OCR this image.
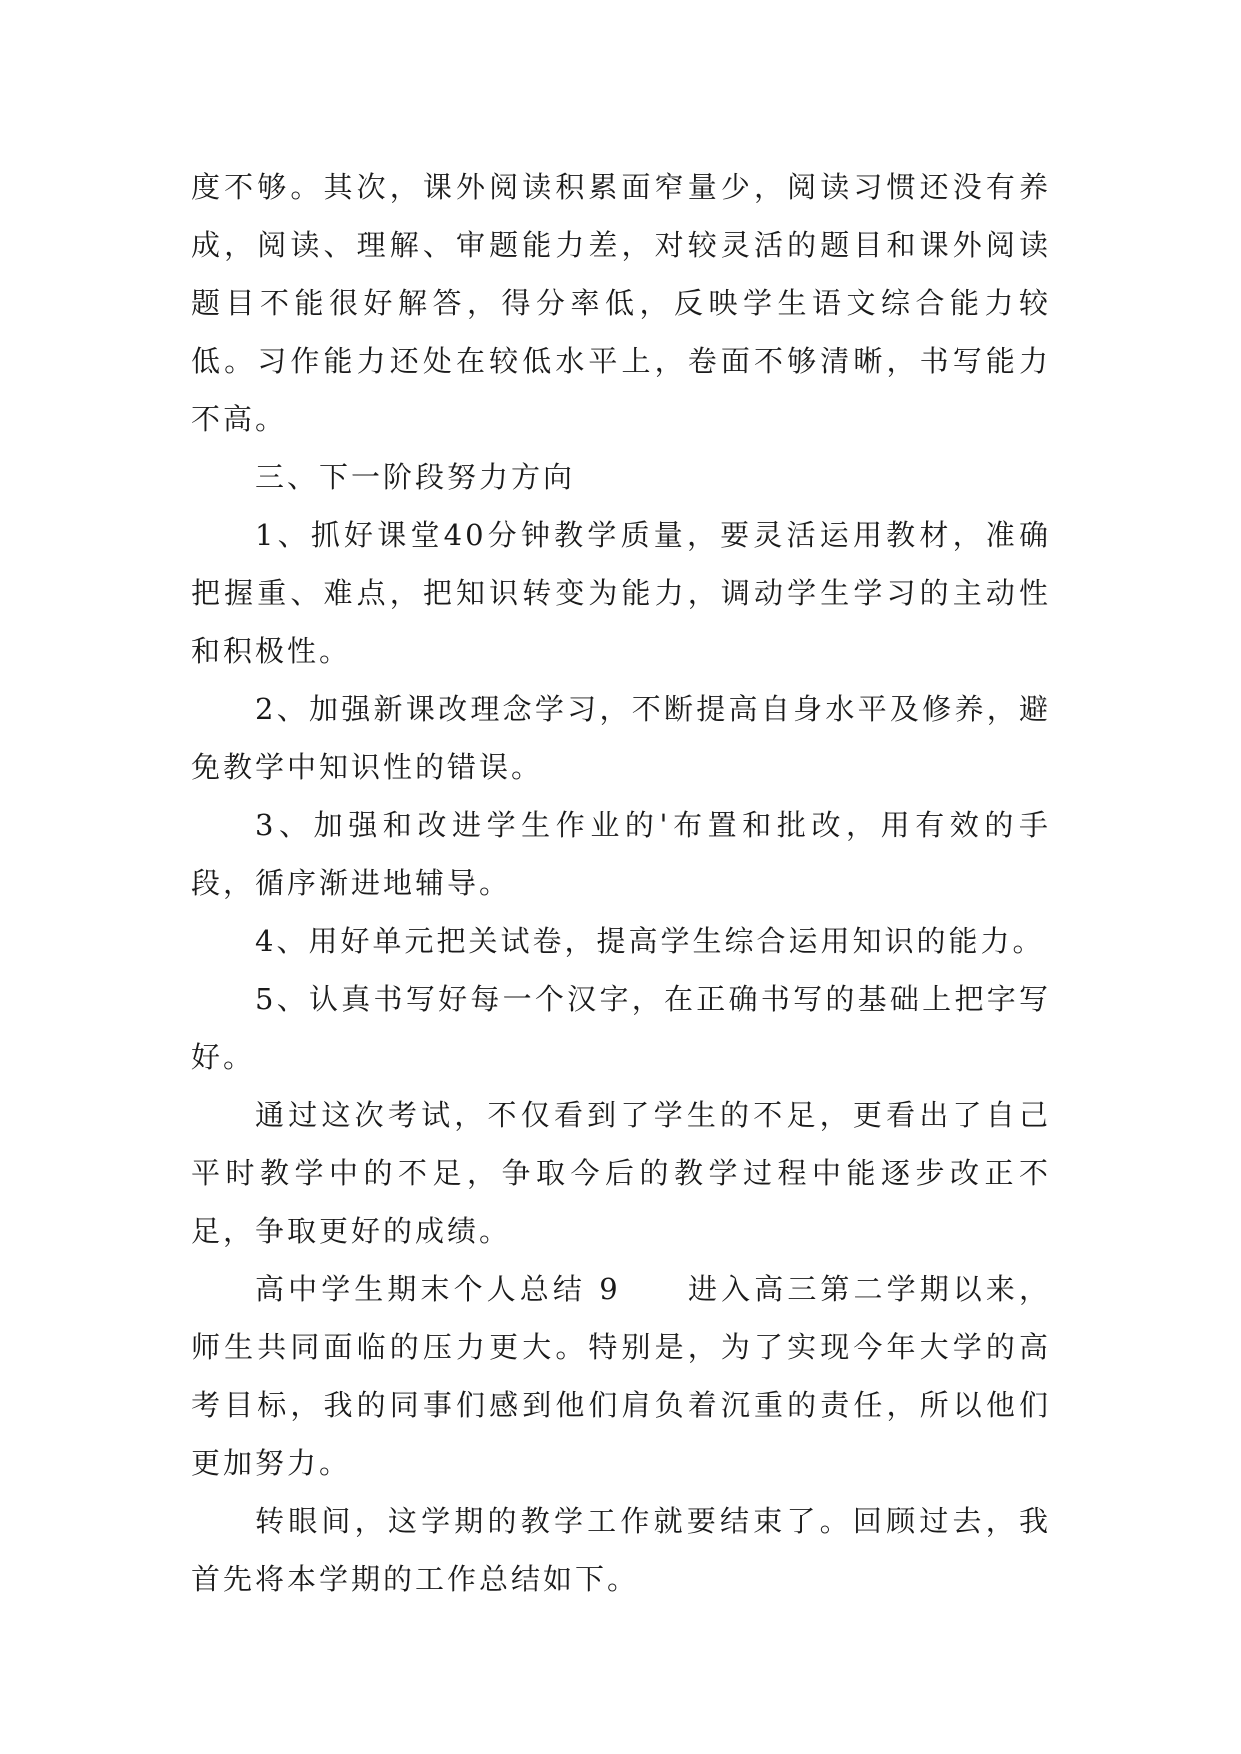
度不够。其次，课外阅读积累面窄量少，阅读习惯还没有养成，阅读、理解、审题能力差，对较灵活的题目和课外阅读题目不能很好解答，得分率低，反映学生语文综合能力较低。习作能力还处在较低水平上，卷面不够清晰，书写能力不高。

三、下一阶段努力方向

1、抓好课堂40分钟教学质量，要灵活运用教材，准确把握重、难点，把知识转变为能力，调动学生学习的主动性和积极性。

2、加强新课改理念学习，不断提高自身水平及修养，避免教学中知识性的错误。

3、加强和改进学生作业的'布置和批改，用有效的手段，循序渐进地辅导。

4、用好单元把关试卷，提高学生综合运用知识的能力。

5、认真书写好每一个汉字，在正确书写的基础上把字写好。

通过这次考试，不仅看到了学生的不足，更看出了自己平时教学中的不足，争取今后的教学过程中能逐步改正不足，争取更好的成绩。

高中学生期末个人总结 9　　进入高三第二学期以来，师生共同面临的压力更大。特别是，为了实现今年大学的高考目标，我的同事们感到他们肩负着沉重的责任，所以他们更加努力。

转眼间，这学期的教学工作就要结束了。回顾过去，我首先将本学期的工作总结如下。
